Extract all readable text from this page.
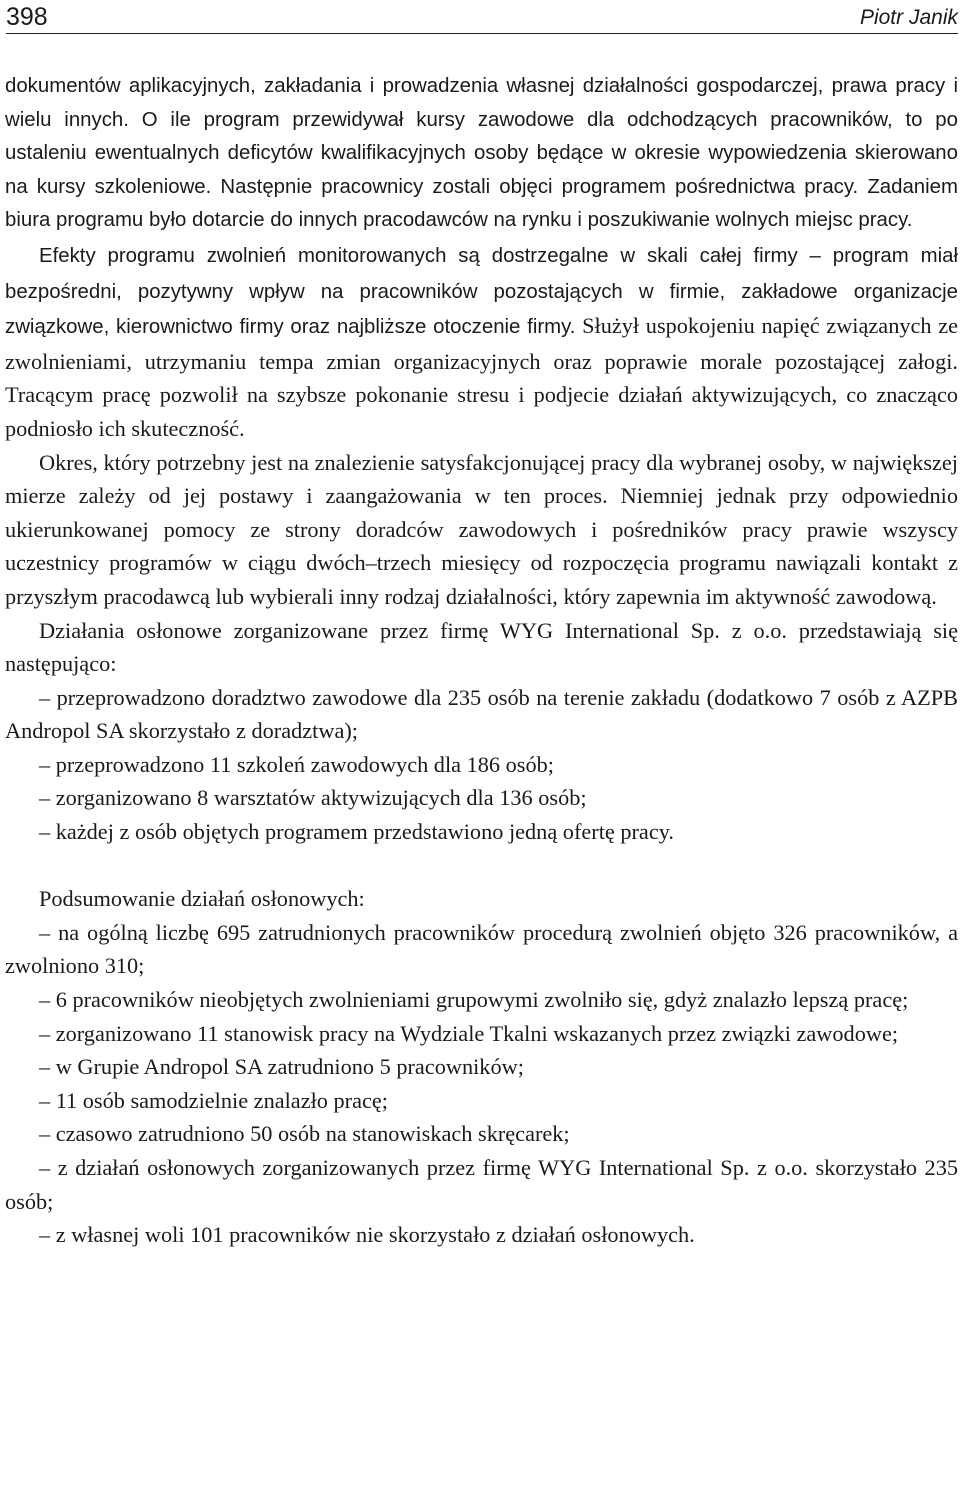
398	Piotr Janik

dokumentów aplikacyjnych, zakładania i prowadzenia własnej działalności gospodarczej, prawa pracy i wielu innych. O ile program przewidywał kursy zawodowe dla odchodzących pracowników, to po ustaleniu ewentualnych deficytów kwalifikacyjnych osoby będące w okresie wypowiedzenia skierowano na kursy szkoleniowe. Następnie pracownicy zostali objęci programem pośrednictwa pracy. Zadaniem biura programu było dotarcie do innych pracodawców na rynku i poszukiwanie wolnych miejsc pracy.

Efekty programu zwolnień monitorowanych są dostrzegalne w skali całej firmy – program miał bezpośredni, pozytywny wpływ na pracowników pozostających w firmie, zakładowe organizacje związkowe, kierownictwo firmy oraz najbliższe otoczenie firmy. Służył uspokojeniu napięć związanych ze zwolnieniami, utrzymaniu tempa zmian organizacyjnych oraz poprawie morale pozostającej załogi. Tracącym pracę pozwolił na szybsze pokonanie stresu i podjecie działań aktywizujących, co znacząco podniosło ich skuteczność.

Okres, który potrzebny jest na znalezienie satysfakcjonującej pracy dla wybranej osoby, w największej mierze zależy od jej postawy i zaangażowania w ten proces. Niemniej jednak przy odpowiednio ukierunkowanej pomocy ze strony doradców zawodowych i pośredników pracy prawie wszyscy uczestnicy programów w ciągu dwóch–trzech miesięcy od rozpoczęcia programu nawiązali kontakt z przyszłym pracodawcą lub wybierali inny rodzaj działalności, który zapewnia im aktywność zawodową.

Działania osłonowe zorganizowane przez firmę WYG International Sp. z o.o. przedstawiają się następująco:

– przeprowadzono doradztwo zawodowe dla 235 osób na terenie zakładu (dodatkowo 7 osób z AZPB Andropol SA skorzystało z doradztwa);

– przeprowadzono 11 szkoleń zawodowych dla 186 osób;

– zorganizowano 8 warsztatów aktywizujących dla 136 osób;

– każdej z osób objętych programem przedstawiono jedną ofertę pracy.

Podsumowanie działań osłonowych:

– na ogólną liczbę 695 zatrudnionych pracowników procedurą zwolnień objęto 326 pracowników, a zwolniono 310;

– 6 pracowników nieobjętych zwolnieniami grupowymi zwolniło się, gdyż znalazło lepszą pracę;

– zorganizowano 11 stanowisk pracy na Wydziale Tkalni wskazanych przez związki zawodowe;

– w Grupie Andropol SA zatrudniono 5 pracowników;

– 11 osób samodzielnie znalazło pracę;

– czasowo zatrudniono 50 osób na stanowiskach skręcarek;

– z działań osłonowych zorganizowanych przez firmę WYG International Sp. z o.o. skorzystało 235 osób;

– z własnej woli 101 pracowników nie skorzystało z działań osłonowych.
